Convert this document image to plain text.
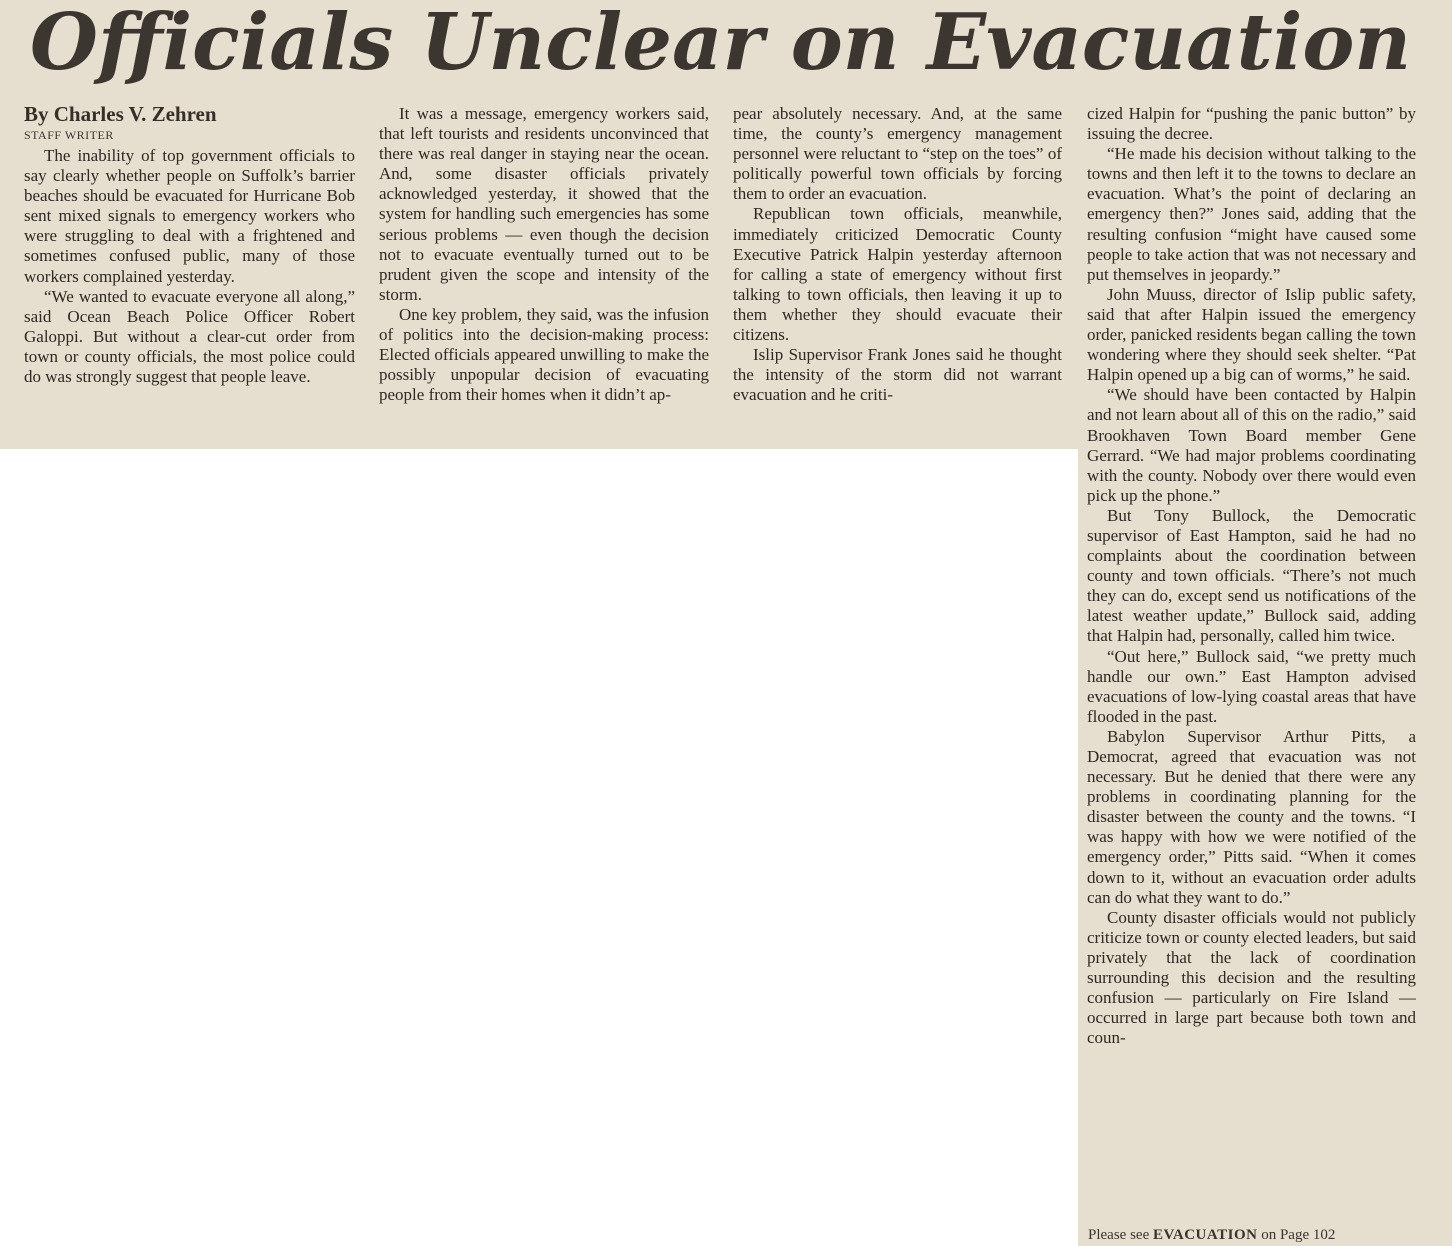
Officials Unclear on Evacuation
By Charles V. Zehren
STAFF WRITER

The inability of top government officials to say clearly whether people on Suffolk’s barrier beaches should be evacuated for Hurricane Bob sent mixed signals to emergency workers who were struggling to deal with a frightened and sometimes confused public, many of those workers complained yesterday.

“We wanted to evacuate everyone all along,” said Ocean Beach Police Officer Robert Galoppi. But without a clear-cut order from town or county officials, the most police could do was strongly suggest that people leave.

It was a message, emergency workers said, that left tourists and residents unconvinced that there was real danger in staying near the ocean. And, some disaster officials privately acknowledged yesterday, it showed that the system for handling such emergencies has some serious problems — even though the decision not to evacuate eventually turned out to be prudent given the scope and intensity of the storm.

One key problem, they said, was the infusion of politics into the decision-making process: Elected officials appeared unwilling to make the possibly unpopular decision of evacuating people from their homes when it didn’t ap-

pear absolutely necessary. And, at the same time, the county’s emergency management personnel were reluctant to “step on the toes” of politically powerful town officials by forcing them to order an evacuation.

Republican town officials, meanwhile, immediately criticized Democratic County Executive Patrick Halpin yesterday afternoon for calling a state of emergency without first talking to town officials, then leaving it up to them whether they should evacuate their citizens.

Islip Supervisor Frank Jones said he thought the intensity of the storm did not warrant evacuation and he criti-

cized Halpin for “pushing the panic button” by issuing the decree.

“He made his decision without talking to the towns and then left it to the towns to declare an evacuation. What’s the point of declaring an emergency then?” Jones said, adding that the resulting confusion “might have caused some people to take action that was not necessary and put themselves in jeopardy.”

John Muuss, director of Islip public safety, said that after Halpin issued the emergency order, panicked residents began calling the town wondering where they should seek shelter. “Pat Halpin opened up a big can of worms,” he said.

“We should have been contacted by Halpin and not learn about all of this on the radio,” said Brookhaven Town Board member Gene Gerrard. “We had major problems coordinating with the county. Nobody over there would even pick up the phone.”

But Tony Bullock, the Democratic supervisor of East Hampton, said he had no complaints about the coordination between county and town officials. “There’s not much they can do, except send us notifications of the latest weather update,” Bullock said, adding that Halpin had, personally, called him twice.

“Out here,” Bullock said, “we pretty much handle our own.” East Hampton advised evacuations of low-lying coastal areas that have flooded in the past.

Babylon Supervisor Arthur Pitts, a Democrat, agreed that evacuation was not necessary. But he denied that there were any problems in coordinating planning for the disaster between the county and the towns. “I was happy with how we were notified of the emergency order,” Pitts said. “When it comes down to it, without an evacuation order adults can do what they want to do.”

County disaster officials would not publicly criticize town or county elected leaders, but said privately that the lack of coordination surrounding this decision and the resulting confusion — particularly on Fire Island — occurred in large part because both town and coun-

Please see EVACUATION on Page 102
